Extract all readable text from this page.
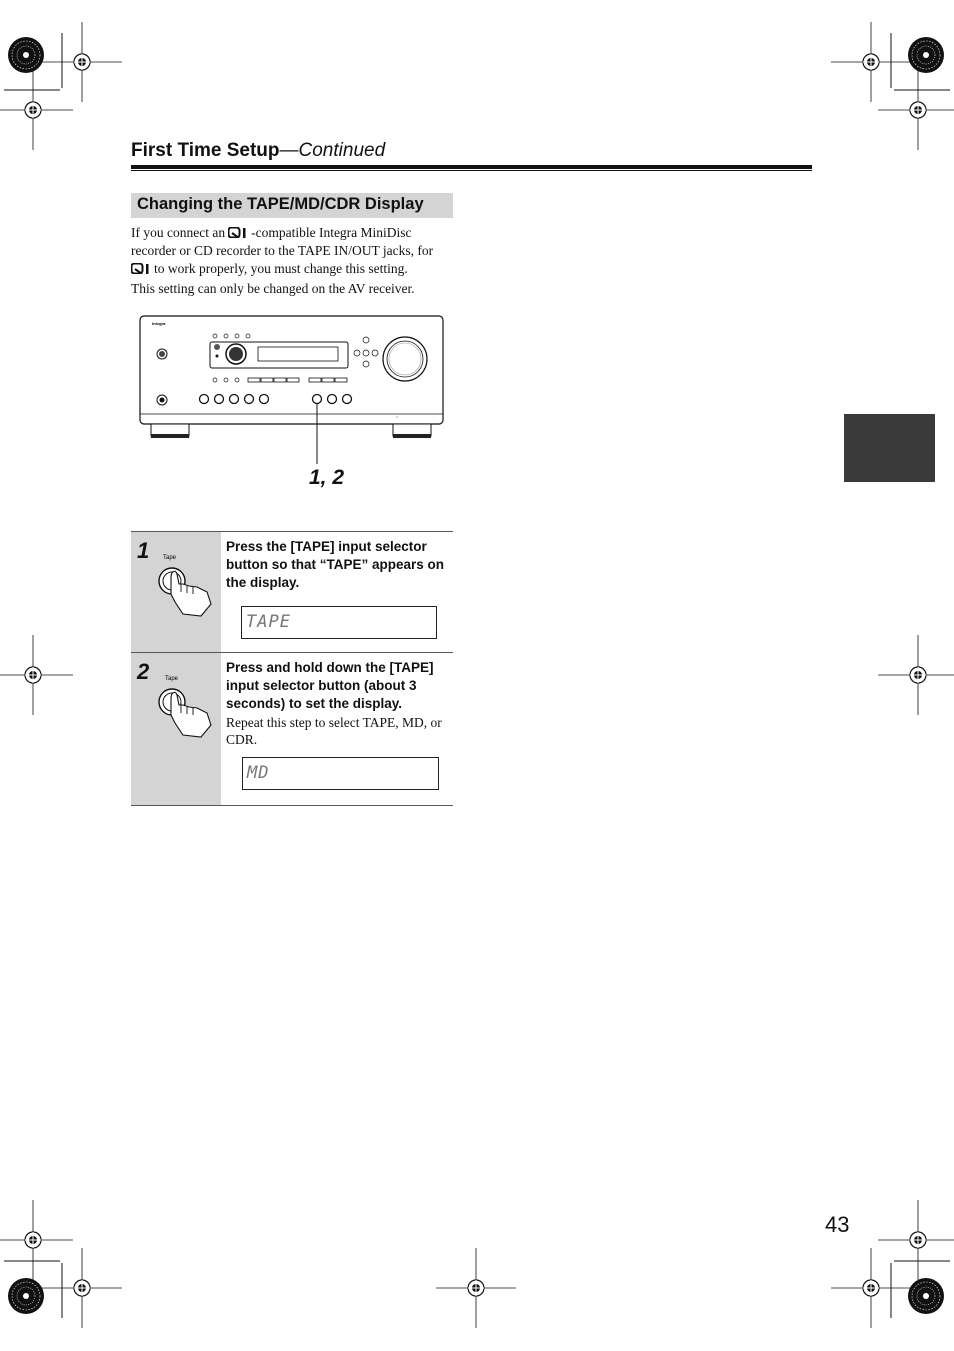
First Time Setup—Continued
Changing the TAPE/MD/CDR Display

If you connect an -compatible Integra MiniDisc

recorder or CD recorder to the TAPE IN/OUT jacks, for

to work properly, you must change this setting.

This setting can only be changed on the AV receiver.

Integra
○
1, 2
1 Tape
Press the [TAPE] input selector button so that “TAPE” appears on the display.
TAPE
2	Tape
Press and hold down the [TAPE] input selector button (about 3 seconds) to set the display.
Repeat this step to select TAPE, MD, or CDR.
MD
43
